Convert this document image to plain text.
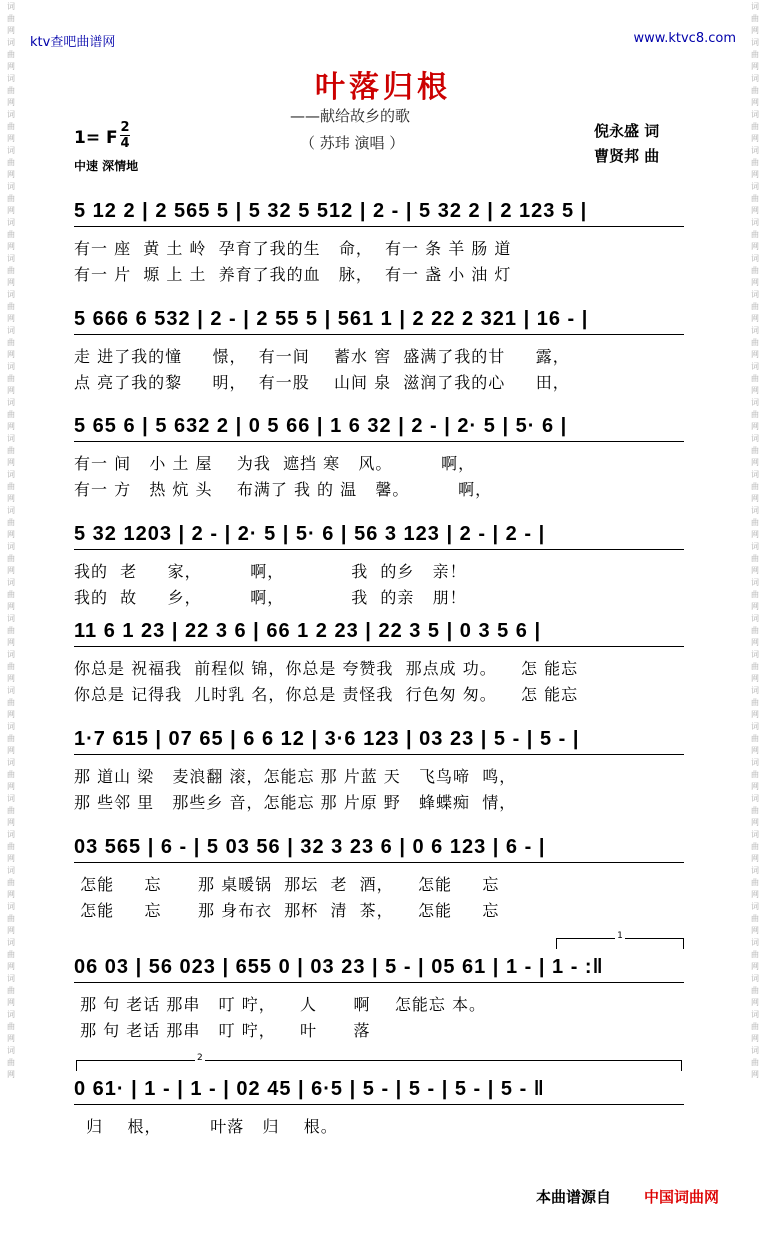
词
曲
网
词
曲
网
词
曲
网
词
曲
网
词
曲
网
词
曲
网
词
曲
网
词
曲
网
词
曲
网
词
曲
网
词
曲
网
词
曲
网
词
曲
网
词
曲
网
词
曲
网
词
曲
网
词
曲
网
词
曲
网
词
曲
网
词
曲
网
词
曲
网
词
曲
网
词
曲
网
词
曲
网
词
曲
网
词
曲
网
词
曲
网
词
曲
网
词
曲
网
词
曲
网
词
曲
网
词
曲
网
词
曲
网
词
曲
网
词
曲
网
词
曲
网
词
曲
网
词
曲
网
词
曲
网
词
曲
网
词
曲
网
词
曲
网
词
曲
网
词
曲
网
词
曲
网
词
曲
网
词
曲
网
词
曲
网
词
曲
网
词
曲
网
词
曲
网
词
曲
网
词
曲
网
词
曲
网
词
曲
网
词
曲
网
词
曲
网
词
曲
网
词
曲
网
词
曲
网
ktv查吧曲谱网	www.ktvc8.com
叶落归根
——献给故乡的歌
（ 苏玮 演唱 ）
1= F
2
4
中速 深情地
倪永盛 词
曹贤邦 曲
5 12 2 | 2 565 5 | 5 32 5 512 | 2 - | 5 32 2 | 2 123 5 |
有一 座  黄 土 岭  孕育了我的生   命，  有一 条 羊 肠 道
有一 片  塬 上 土  养育了我的血   脉，  有一 盏 小 油 灯
5 666 6 532 | 2 - | 2 55 5 | 561 1 | 2 22 2 321 | 16 - |
走 进了我的憧     憬，  有一间    蓄水 窖  盛满了我的甘     露，
点 亮了我的黎     明，  有一股    山间 泉  滋润了我的心     田，
5 65 6 | 5 632 2 | 0 5 66 | 1 6 32 | 2 - | 2· 5 | 5· 6 |
有一 间   小 土 屋    为我  遮挡 寒   风。        啊，
有一 方   热 炕 头    布满了 我 的 温   馨。        啊，
5 32 1203 | 2 - | 2· 5 | 5· 6 | 56 3 123 | 2 - | 2 - |
我的  老     家，        啊，           我  的乡   亲！
我的  故     乡，        啊，           我  的亲   朋！
11 6 1 23 | 22 3 6 | 66 1 2 23 | 22 3 5 | 0 3 5 6 |
你总是 祝福我  前程似 锦，你总是 夸赞我  那点成 功。    怎 能忘
你总是 记得我  儿时乳 名，你总是 责怪我  行色匆 匆。    怎 能忘
1·7 615 | 07 65 | 6 6 12 | 3·6 123 | 03 23 | 5 - | 5 - |
那 道山 梁   麦浪翻 滚，怎能忘 那 片蓝 天   飞鸟啼  鸣，
那 些邻 里   那些乡 音，怎能忘 那 片原 野   蜂蝶痴  情，
03 565 | 6 - | 5 03 56 | 32 3 23 6 | 0 6 123 | 6 - |
怎能     忘      那 桌暖锅  那坛  老  酒，    怎能     忘
怎能     忘      那 身布衣  那杯  清  茶，    怎能     忘
06 03 | 56 023 | 655 0 | 03 23 | 5 - | 05 61 | 1 - | 1 - :‖
那 句 老话 那串   叮 咛，    人      啊    怎能忘 本。
那 句 老话 那串   叮 咛，    叶      落
0 61· | 1 - | 1 - | 02 45 | 6·5 | 5 - | 5 - | 5 - | 5 - ‖
归    根，        叶落   归    根。
1
2
本曲谱源自 中国词曲网
